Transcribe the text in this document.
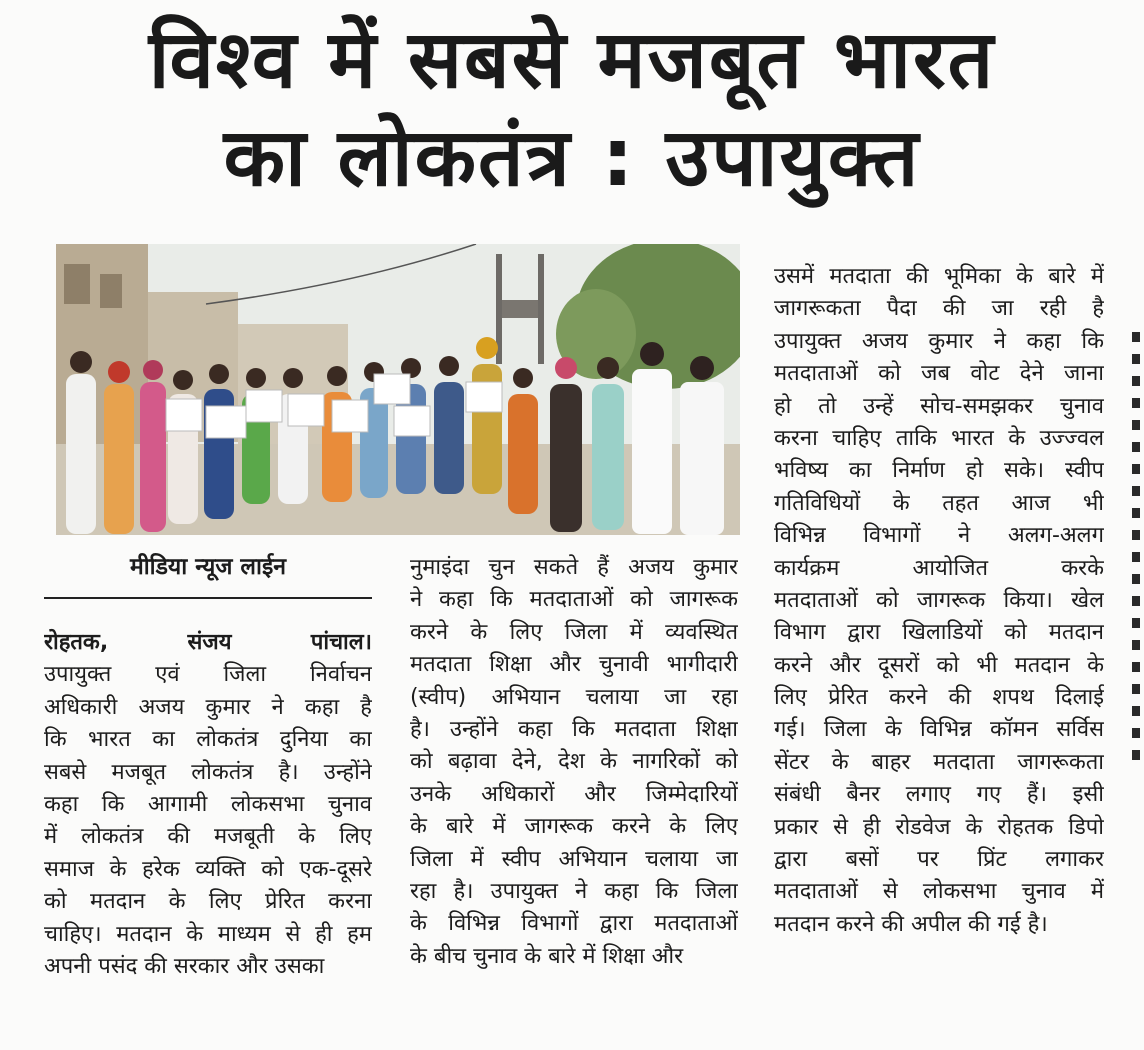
विश्व में सबसे मजबूत भारत
का लोकतंत्र : उपायुक्त
मीडिया न्यूज लाईन
रोहतक, संजय पांचाल।
उपायुक्त एवं जिला निर्वाचन
अधिकारी अजय कुमार ने कहा है
कि भारत का लोकतंत्र दुनिया का
सबसे मजबूत लोकतंत्र है। उन्होंने
कहा कि आगामी लोकसभा चुनाव
में लोकतंत्र की मजबूती के लिए
समाज के हरेक व्यक्ति को एक-दूसरे
को मतदान के लिए प्रेरित करना
चाहिए। मतदान के माध्यम से ही हम
अपनी पसंद की सरकार और उसका
नुमाइंदा चुन सकते हैं अजय कुमार
ने कहा कि मतदाताओं को जागरूक
करने के लिए जिला में व्यवस्थित
मतदाता शिक्षा और चुनावी भागीदारी
(स्वीप) अभियान चलाया जा रहा
है। उन्होंने कहा कि मतदाता शिक्षा
को बढ़ावा देने, देश के नागरिकों को
उनके अधिकारों और जिम्मेदारियों
के बारे में जागरूक करने के लिए
जिला में स्वीप अभियान चलाया जा
रहा है। उपायुक्त ने कहा कि जिला
के विभिन्न विभागों द्वारा मतदाताओं
के बीच चुनाव के बारे में शिक्षा और
उसमें मतदाता की भूमिका के बारे में
जागरूकता पैदा की जा रही है
उपायुक्त अजय कुमार ने कहा कि
मतदाताओं को जब वोट देने जाना
हो तो उन्हें सोच-समझकर चुनाव
करना चाहिए ताकि भारत के उज्ज्वल
भविष्य का निर्माण हो सके। स्वीप
गतिविधियों के तहत आज भी
विभिन्न विभागों ने अलग-अलग
कार्यक्रम आयोजित करके
मतदाताओं को जागरूक किया। खेल
विभाग द्वारा खिलाडियों को मतदान
करने और दूसरों को भी मतदान के
लिए प्रेरित करने की शपथ दिलाई
गई। जिला के विभिन्न कॉमन सर्विस
सेंटर के बाहर मतदाता जागरूकता
संबंधी बैनर लगाए गए हैं। इसी
प्रकार से ही रोडवेज के रोहतक डिपो
द्वारा बसों पर प्रिंट लगाकर
मतदाताओं से लोकसभा चुनाव में
मतदान करने की अपील की गई है।
